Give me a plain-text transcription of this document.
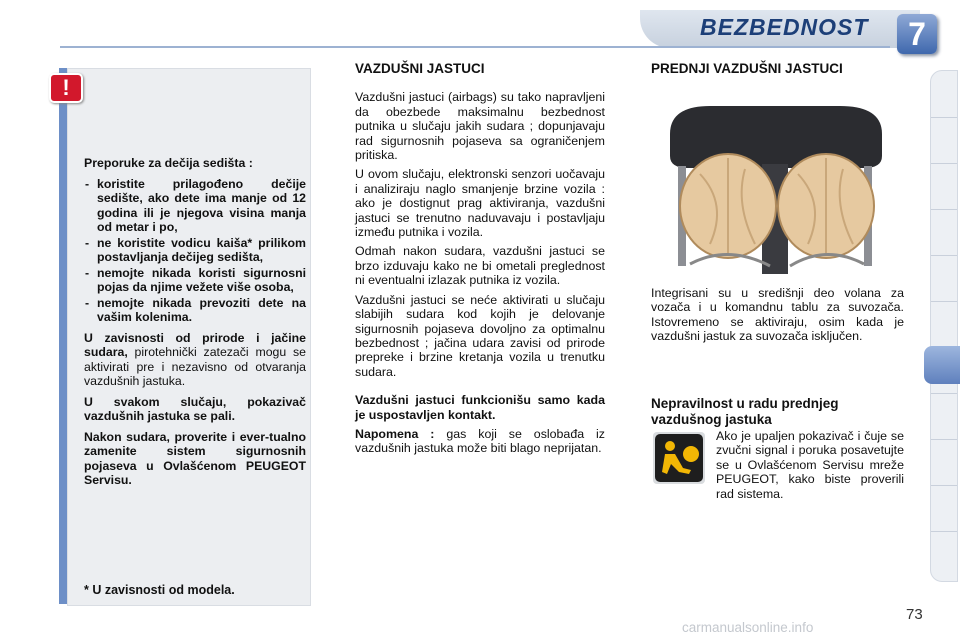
BEZBEDNOST	7
!

Preporuke za dečija sedišta :

- koristite prilagođeno dečije sedište, ako dete ima manje od 12 godina ili je njegova visina manja od metar i po,
- ne koristite vodicu kaiša* prilikom postavljanja dečijeg sedišta,
- nemojte nikada koristi sigurnosni pojas da njime vežete više osoba,
- nemojte nikada prevoziti dete na vašim kolenima.

U zavisnosti od prirode i jačine sudara, pirotehnički zatezači mogu se aktivirati pre i nezavisno od otvaranja vazdušnih jastuka.

U svakom slučaju, pokazivač vazdušnih jastuka se pali.

Nakon sudara, proverite i ever-tualno zamenite sistem sigurnosnih pojaseva u Ovlašćenom PEUGEOT Servisu.

* U zavisnosti od modela.
VAZDUŠNI JASTUCI

Vazdušni jastuci (airbags) su tako napravljeni da obezbede maksimalnu bezbednost putnika u slučaju jakih sudara ; dopunjavaju rad sigurnosnih pojaseva sa ograničenjem pritiska.

U ovom slučaju, elektronski senzori uočavaju i analiziraju naglo smanjenje brzine vozila : ako je dostignut prag aktiviranja, vazdušni jastuci se trenutno naduvavaju i postavljaju između putnika i vozila.

Odmah nakon sudara, vazdušni jastuci se brzo izduvaju kako ne bi ometali preglednost ni eventualni izlazak putnika iz vozila.

Vazdušni jastuci se neće aktivirati u slučaju slabijih sudara kod kojih je delovanje sigurnosnih pojaseva dovoljno za optimalnu bezbednost ; jačina udara zavisi od prirode prepreke i brzine kretanja vozila u trenutku sudara.

Vazdušni jastuci funkcionišu samo kada je uspostavljen kontakt.

Napomena : gas koji se oslobađa iz vazdušnih jastuka može biti blago neprijatan.

PREDNJI VAZDUŠNI JASTUCI
Integrisani su u središnji deo volana za vozača i u komandnu tablu za suvozača. Istovremeno se aktiviraju, osim kada je vazdušni jastuk za suvozača isključen.
Nepravilnost u radu prednjeg vazdušnog jastuka
Ako je upaljen pokazivač i čuje se zvučni signal i poruka posavetujte se u Ovlašćenom Servisu mreže PEUGEOT, kako biste proverili rad sistema.
73
carmanualsonline.info
